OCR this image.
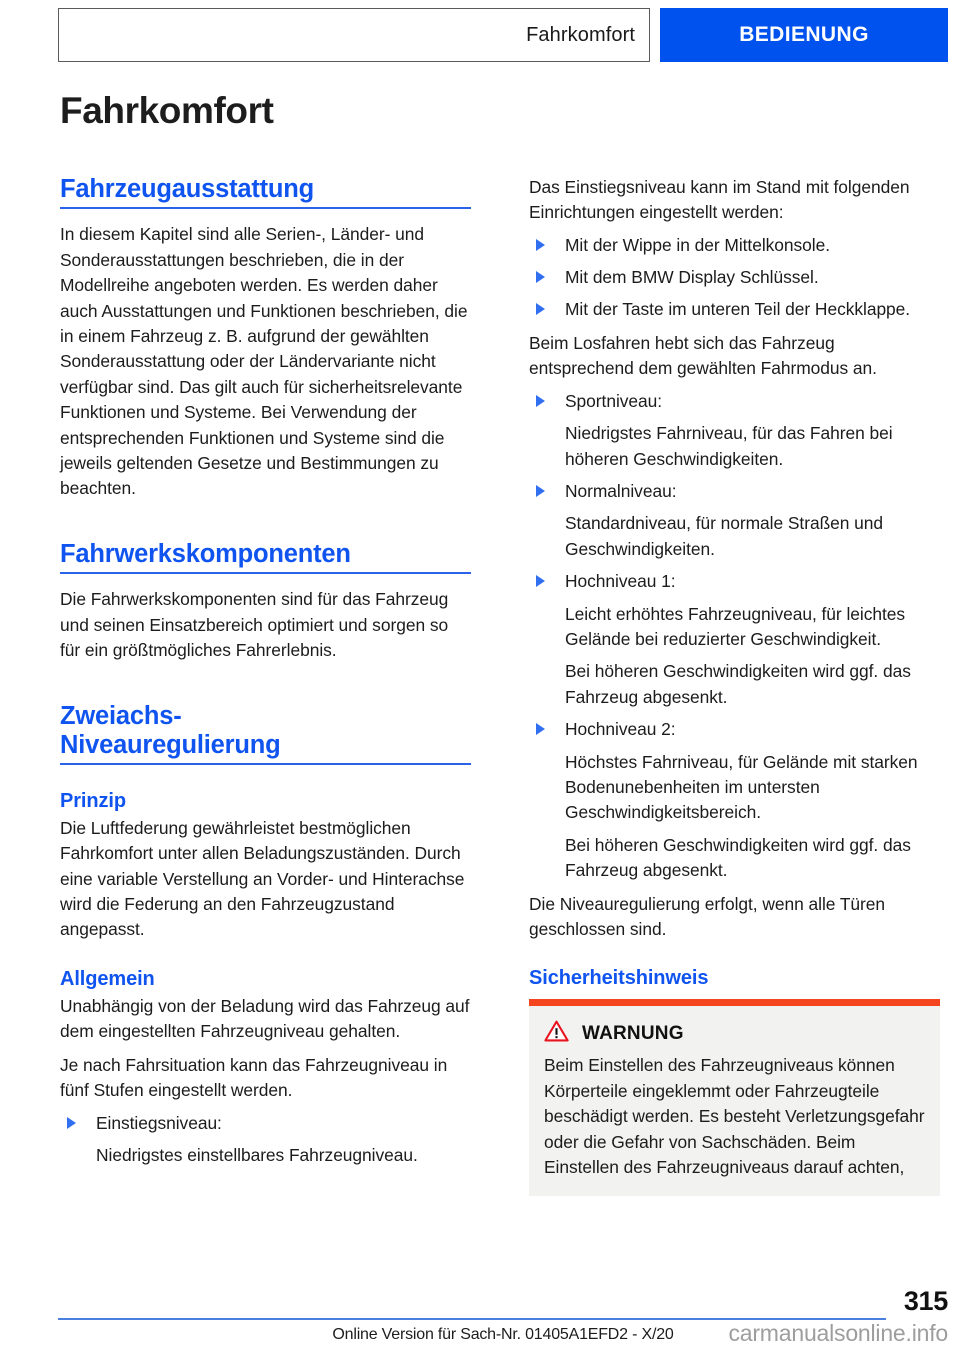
Fahrkomfort	BEDIENUNG
Fahrkomfort
Fahrzeugausstattung

In diesem Kapitel sind alle Serien-, Länder- und Sonderausstattungen beschrieben, die in der Modellreihe angeboten werden. Es werden daher auch Ausstattungen und Funktionen beschrieben, die in einem Fahrzeug z. B. aufgrund der gewählten Sonderausstattung oder der Ländervariante nicht verfügbar sind. Das gilt auch für sicherheitsrelevante Funktionen und Systeme. Bei Verwendung der entsprechenden Funktionen und Systeme sind die jeweils geltenden Gesetze und Bestimmungen zu beachten.

Fahrwerkskomponenten

Die Fahrwerkskomponenten sind für das Fahrzeug und seinen Einsatzbereich optimiert und sorgen so für ein größtmögliches Fahrerlebnis.

Zweiachs-
Niveauregulierung
Prinzip

Die Luftfederung gewährleistet bestmöglichen Fahrkomfort unter allen Beladungszuständen. Durch eine variable Verstellung an Vorder- und Hinterachse wird die Federung an den Fahrzeugzustand angepasst.

Allgemein

Unabhängig von der Beladung wird das Fahrzeug auf dem eingestellten Fahrzeugniveau gehalten.

Je nach Fahrsituation kann das Fahrzeugniveau in fünf Stufen eingestellt werden.

Einstiegsniveau:
Niedrigstes einstellbares Fahrzeugniveau.

Das Einstiegsniveau kann im Stand mit folgenden Einrichtungen eingestellt werden:

Mit der Wippe in der Mittelkonsole.
Mit dem BMW Display Schlüssel.
Mit der Taste im unteren Teil der Heckklappe.

Beim Losfahren hebt sich das Fahrzeug entsprechend dem gewählten Fahrmodus an.

Sportniveau:
Niedrigstes Fahrniveau, für das Fahren bei höheren Geschwindigkeiten.
Normalniveau:
Standardniveau, für normale Straßen und Geschwindigkeiten.
Hochniveau 1:
Leicht erhöhtes Fahrzeugniveau, für leichtes Gelände bei reduzierter Geschwindigkeit.
Bei höheren Geschwindigkeiten wird ggf. das Fahrzeug abgesenkt.
Hochniveau 2:
Höchstes Fahrniveau, für Gelände mit starken Bodenunebenheiten im untersten Geschwindigkeitsbereich.
Bei höheren Geschwindigkeiten wird ggf. das Fahrzeug abgesenkt.

Die Niveauregulierung erfolgt, wenn alle Türen geschlossen sind.

Sicherheitshinweis
WARNUNG
Beim Einstellen des Fahrzeugniveaus können Körperteile eingeklemmt oder Fahrzeugteile beschädigt werden. Es besteht Verletzungsgefahr oder die Gefahr von Sachschäden. Beim Einstellen des Fahrzeugniveaus darauf achten,
315
Online Version für Sach-Nr. 01405A1EFD2 - X/20	carmanualsonline.info
